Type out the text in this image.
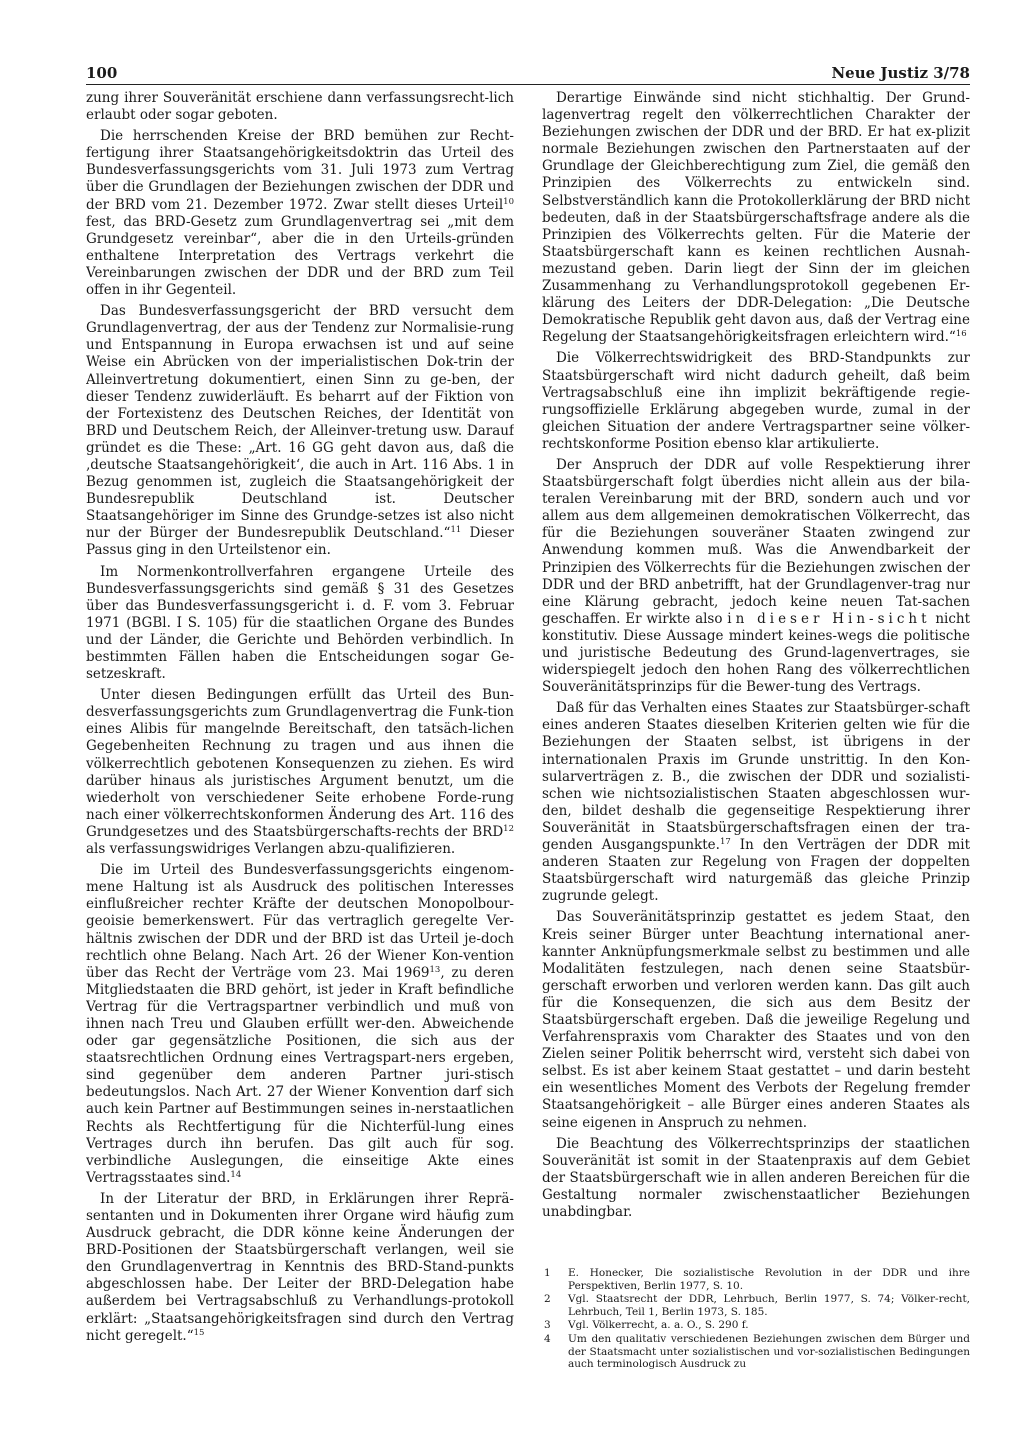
100	Neue Justiz 3/78

zung ihrer Souveränität erschiene dann verfassungsrecht-lich erlaubt oder sogar geboten.

Die herrschenden Kreise der BRD bemühen zur Recht-fertigung ihrer Staatsangehörigkeitsdoktrin das Urteil des Bundesverfassungsgerichts vom 31. Juli 1973 zum Vertrag über die Grundlagen der Beziehungen zwischen der DDR und der BRD vom 21. Dezember 1972. Zwar stellt dieses Urteil$^{10}$ fest, das BRD-Gesetz zum Grundlagenvertrag sei „mit dem Grundgesetz vereinbar“, aber die in den Urteils-gründen enthaltene Interpretation des Vertrags verkehrt die Vereinbarungen zwischen der DDR und der BRD zum Teil offen in ihr Gegenteil.

Das Bundesverfassungsgericht der BRD versucht dem Grundlagenvertrag, der aus der Tendenz zur Normalisie-rung und Entspannung in Europa erwachsen ist und auf seine Weise ein Abrücken von der imperialistischen Dok-trin der Alleinvertretung dokumentiert, einen Sinn zu ge-ben, der dieser Tendenz zuwiderläuft. Es beharrt auf der Fiktion von der Fortexistenz des Deutschen Reiches, der Identität von BRD und Deutschem Reich, der Alleinver-tretung usw. Darauf gründet es die These: „Art. 16 GG geht davon aus, daß die ‚deutsche Staatsangehörigkeit‘, die auch in Art. 116 Abs. 1 in Bezug genommen ist, zugleich die Staatsangehörigkeit der Bundesrepublik Deutschland ist. Deutscher Staatsangehöriger im Sinne des Grundge-setzes ist also nicht nur der Bürger der Bundesrepublik Deutschland.“$^{11}$ Dieser Passus ging in den Urteilstenor ein.

Im Normenkontrollverfahren ergangene Urteile des Bundesverfassungsgerichts sind gemäß § 31 des Gesetzes über das Bundesverfassungsgericht i. d. F. vom 3. Februar 1971 (BGBl. I S. 105) für die staatlichen Organe des Bundes und der Länder, die Gerichte und Behörden verbindlich. In bestimmten Fällen haben die Entscheidungen sogar Ge-setzeskraft.

Unter diesen Bedingungen erfüllt das Urteil des Bun-desverfassungsgerichts zum Grundlagenvertrag die Funk-tion eines Alibis für mangelnde Bereitschaft, den tatsäch-lichen Gegebenheiten Rechnung zu tragen und aus ihnen die völkerrechtlich gebotenen Konsequenzen zu ziehen. Es wird darüber hinaus als juristisches Argument benutzt, um die wiederholt von verschiedener Seite erhobene Forde-rung nach einer völkerrechtskonformen Änderung des Art. 116 des Grundgesetzes und des Staatsbürgerschafts-rechts der BRD$^{12}$ als verfassungswidriges Verlangen abzu-qualifizieren.

Die im Urteil des Bundesverfassungsgerichts eingenom-mene Haltung ist als Ausdruck des politischen Interesses einflußreicher rechter Kräfte der deutschen Monopolbour-geoisie bemerkenswert. Für das vertraglich geregelte Ver-hältnis zwischen der DDR und der BRD ist das Urteil je-doch rechtlich ohne Belang. Nach Art. 26 der Wiener Kon-vention über das Recht der Verträge vom 23. Mai 1969$^{13}$, zu deren Mitgliedstaaten die BRD gehört, ist jeder in Kraft befindliche Vertrag für die Vertragspartner verbindlich und muß von ihnen nach Treu und Glauben erfüllt wer-den. Abweichende oder gar gegensätzliche Positionen, die sich aus der staatsrechtlichen Ordnung eines Vertragspart-ners ergeben, sind gegenüber dem anderen Partner juri-stisch bedeutungslos. Nach Art. 27 der Wiener Konvention darf sich auch kein Partner auf Bestimmungen seines in-nerstaatlichen Rechts als Rechtfertigung für die Nichterfül-lung eines Vertrages durch ihn berufen. Das gilt auch für sog. verbindliche Auslegungen, die einseitige Akte eines Vertragsstaates sind.$^{14}$

In der Literatur der BRD, in Erklärungen ihrer Reprä-sentanten und in Dokumenten ihrer Organe wird häufig zum Ausdruck gebracht, die DDR könne keine Änderungen der BRD-Positionen der Staatsbürgerschaft verlangen, weil sie den Grundlagenvertrag in Kenntnis des BRD-Stand-punkts abgeschlossen habe. Der Leiter der BRD-Delegation habe außerdem bei Vertragsabschluß zu Verhandlungs-protokoll erklärt: „Staatsangehörigkeitsfragen sind durch den Vertrag nicht geregelt.“$^{15}$

Derartige Einwände sind nicht stichhaltig. Der Grund-lagenvertrag regelt den völkerrechtlichen Charakter der Beziehungen zwischen der DDR und der BRD. Er hat ex-plizit normale Beziehungen zwischen den Partnerstaaten auf der Grundlage der Gleichberechtigung zum Ziel, die gemäß den Prinzipien des Völkerrechts zu entwickeln sind. Selbstverständlich kann die Protokollerklärung der BRD nicht bedeuten, daß in der Staatsbürgerschaftsfrage andere als die Prinzipien des Völkerrechts gelten. Für die Materie der Staatsbürgerschaft kann es keinen rechtlichen Ausnah-mezustand geben. Darin liegt der Sinn der im gleichen Zusammenhang zu Verhandlungsprotokoll gegebenen Er-klärung des Leiters der DDR-Delegation: „Die Deutsche Demokratische Republik geht davon aus, daß der Vertrag eine Regelung der Staatsangehörigkeitsfragen erleichtern wird.“$^{16}$

Die Völkerrechtswidrigkeit des BRD-Standpunkts zur Staatsbürgerschaft wird nicht dadurch geheilt, daß beim Vertragsabschluß eine ihn implizit bekräftigende regie-rungsoffizielle Erklärung abgegeben wurde, zumal in der gleichen Situation der andere Vertragspartner seine völker-rechtskonforme Position ebenso klar artikulierte.

Der Anspruch der DDR auf volle Respektierung ihrer Staatsbürgerschaft folgt überdies nicht allein aus der bila-teralen Vereinbarung mit der BRD, sondern auch und vor allem aus dem allgemeinen demokratischen Völkerrecht, das für die Beziehungen souveräner Staaten zwingend zur Anwendung kommen muß. Was die Anwendbarkeit der Prinzipien des Völkerrechts für die Beziehungen zwischen der DDR und der BRD anbetrifft, hat der Grundlagenver-trag nur eine Klärung gebracht, jedoch keine neuen Tat-sachen geschaffen. Er wirkte also in dieser Hin-sicht nicht konstitutiv. Diese Aussage mindert keines-wegs die politische und juristische Bedeutung des Grund-lagenvertrages, sie widerspiegelt jedoch den hohen Rang des völkerrechtlichen Souveränitätsprinzips für die Bewer-tung des Vertrags.

Daß für das Verhalten eines Staates zur Staatsbürger-schaft eines anderen Staates dieselben Kriterien gelten wie für die Beziehungen der Staaten selbst, ist übrigens in der internationalen Praxis im Grunde unstrittig. In den Kon-sularverträgen z. B., die zwischen der DDR und sozialisti-schen wie nichtsozialistischen Staaten abgeschlossen wur-den, bildet deshalb die gegenseitige Respektierung ihrer Souveränität in Staatsbürgerschaftsfragen einen der tra-genden Ausgangspunkte.$^{17}$ In den Verträgen der DDR mit anderen Staaten zur Regelung von Fragen der doppelten Staatsbürgerschaft wird naturgemäß das gleiche Prinzip zugrunde gelegt.

Das Souveränitätsprinzip gestattet es jedem Staat, den Kreis seiner Bürger unter Beachtung international aner-kannter Anknüpfungsmerkmale selbst zu bestimmen und alle Modalitäten festzulegen, nach denen seine Staatsbür-gerschaft erworben und verloren werden kann. Das gilt auch für die Konsequenzen, die sich aus dem Besitz der Staatsbürgerschaft ergeben. Daß die jeweilige Regelung und Verfahrenspraxis vom Charakter des Staates und von den Zielen seiner Politik beherrscht wird, versteht sich dabei von selbst. Es ist aber keinem Staat gestattet – und darin besteht ein wesentliches Moment des Verbots der Regelung fremder Staatsangehörigkeit – alle Bürger eines anderen Staates als seine eigenen in Anspruch zu nehmen.

Die Beachtung des Völkerrechtsprinzips der staatlichen Souveränität ist somit in der Staatenpraxis auf dem Gebiet der Staatsbürgerschaft wie in allen anderen Bereichen für die Gestaltung normaler zwischenstaatlicher Beziehungen unabdingbar.

1 E. Honecker, Die sozialistische Revolution in der DDR und ihre Perspektiven, Berlin 1977, S. 10.
2 Vgl. Staatsrecht der DDR, Lehrbuch, Berlin 1977, S. 74; Völker-recht, Lehrbuch, Teil 1, Berlin 1973, S. 185.
3 Vgl. Völkerrecht, a. a. O., S. 290 f.
4 Um den qualitativ verschiedenen Beziehungen zwischen dem Bürger und der Staatsmacht unter sozialistischen und vor-sozialistischen Bedingungen auch terminologisch Ausdruck zu
